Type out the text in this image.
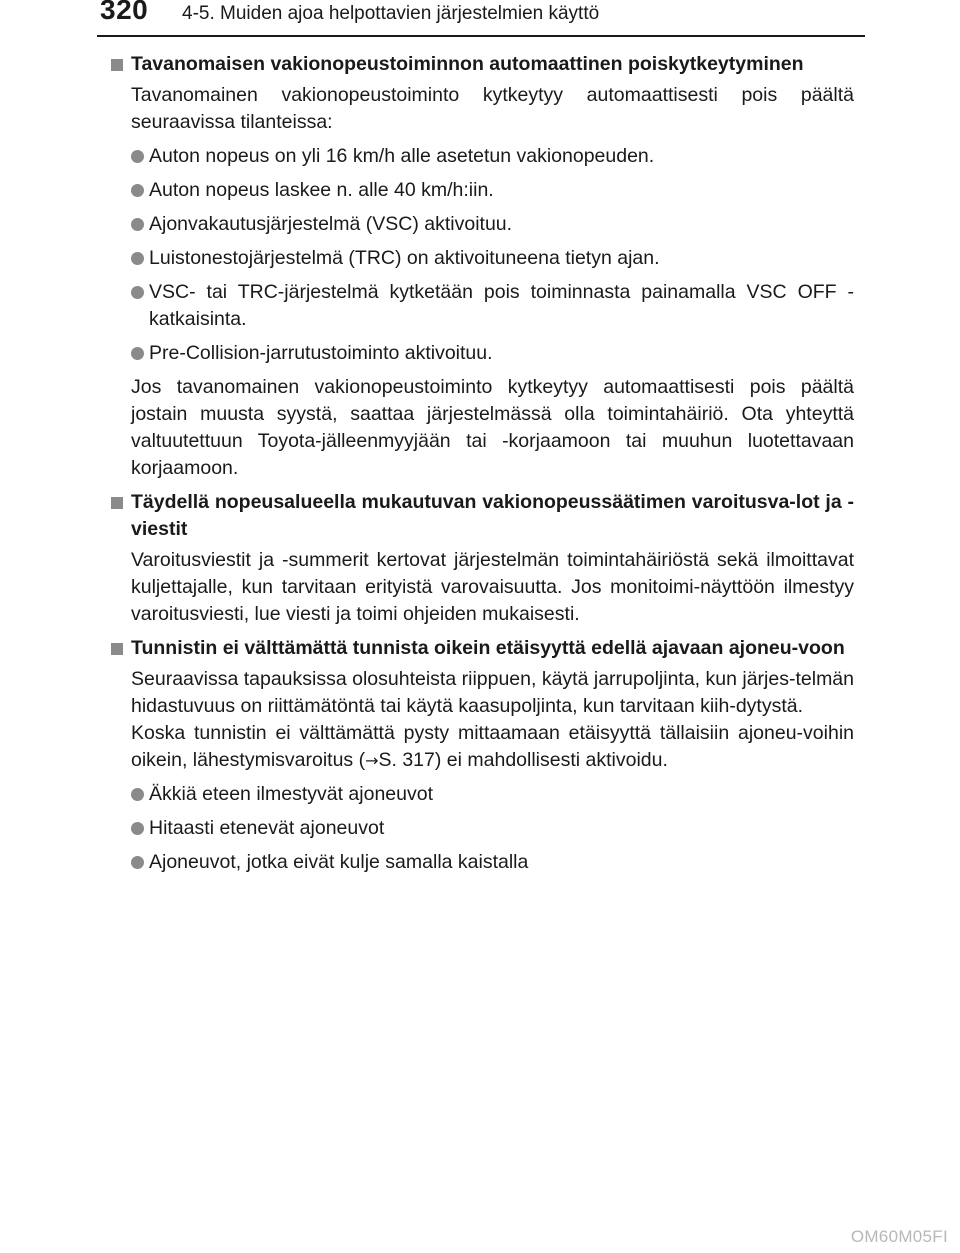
320 4-5. Muiden ajoa helpottavien järjestelmien käyttö
Tavanomaisen vakionopeustoiminnon automaattinen poiskytkeytyminen
Tavanomainen vakionopeustoiminto kytkeytyy automaattisesti pois päältä seuraavissa tilanteissa:
Auton nopeus on yli 16 km/h alle asetetun vakionopeuden.
Auton nopeus laskee n. alle 40 km/h:iin.
Ajonvakautusjärjestelmä (VSC) aktivoituu.
Luistonestojärjestelmä (TRC) on aktivoituneena tietyn ajan.
VSC- tai TRC-järjestelmä kytketään pois toiminnasta painamalla VSC OFF -katkaisinta.
Pre-Collision-jarrutustoiminto aktivoituu.
Jos tavanomainen vakionopeustoiminto kytkeytyy automaattisesti pois päältä jostain muusta syystä, saattaa järjestelmässä olla toimintahäiriö. Ota yhteyttä valtuutettuun Toyota-jälleenmyyjään tai -korjaamoon tai muuhun luotettavaan korjaamoon.
Täydellä nopeusalueella mukautuvan vakionopeussäätimen varoitusva-lot ja -viestit
Varoitusviestit ja -summerit kertovat järjestelmän toimintahäiriöstä sekä ilmoittavat kuljettajalle, kun tarvitaan erityistä varovaisuutta. Jos monitoimi-näyttöön ilmestyy varoitusviesti, lue viesti ja toimi ohjeiden mukaisesti.
Tunnistin ei välttämättä tunnista oikein etäisyyttä edellä ajavaan ajoneu-voon
Seuraavissa tapauksissa olosuhteista riippuen, käytä jarrupoljinta, kun järjes-telmän hidastuvuus on riittämätöntä tai käytä kaasupoljinta, kun tarvitaan kiih-dytystä.
Koska tunnistin ei välttämättä pysty mittaamaan etäisyyttä tällaisiin ajoneu-voihin oikein, lähestymisvaroitus (→S. 317) ei mahdollisesti aktivoidu.
Äkkiä eteen ilmestyvät ajoneuvot
Hitaasti etenevät ajoneuvot
Ajoneuvot, jotka eivät kulje samalla kaistalla
OM60M05FI
